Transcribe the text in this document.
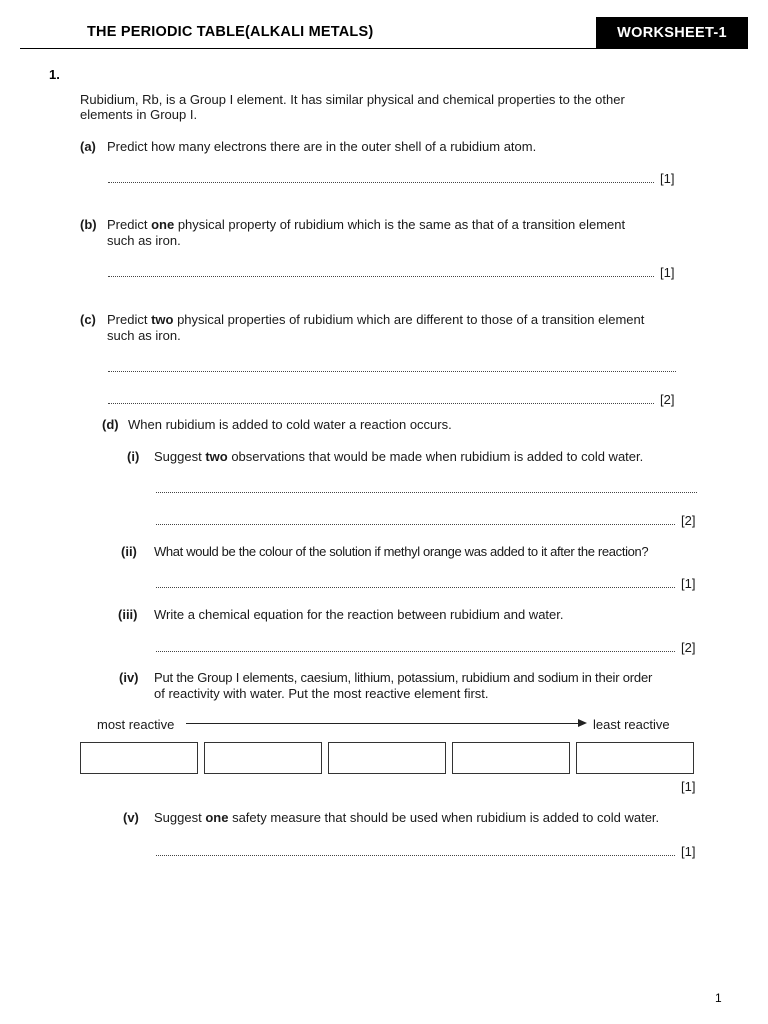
THE PERIODIC TABLE(ALKALI METALS)	WORKSHEET-1
1.
Rubidium, Rb, is a Group I element. It has similar physical and chemical properties to the other
elements in Group I.
(a) Predict how many electrons there are in the outer shell of a rubidium atom.
[1]
(b) Predict one physical property of rubidium which is the same as that of a transition element
such as iron.
[1]
(c) Predict two physical properties of rubidium which are different to those of a transition element
such as iron.
[2]
(d) When rubidium is added to cold water a reaction occurs.
(i) Suggest two observations that would be made when rubidium is added to cold water.
[2]
(ii) What would be the colour of the solution if methyl orange was added to it after the reaction?
[1]
(iii) Write a chemical equation for the reaction between rubidium and water.
[2]
(iv) Put the Group I elements, caesium, lithium, potassium, rubidium and sodium in their order
of reactivity with water. Put the most reactive element first.
most reactive	least reactive
[1]
(v) Suggest one safety measure that should be used when rubidium is added to cold water.
[1]
1
